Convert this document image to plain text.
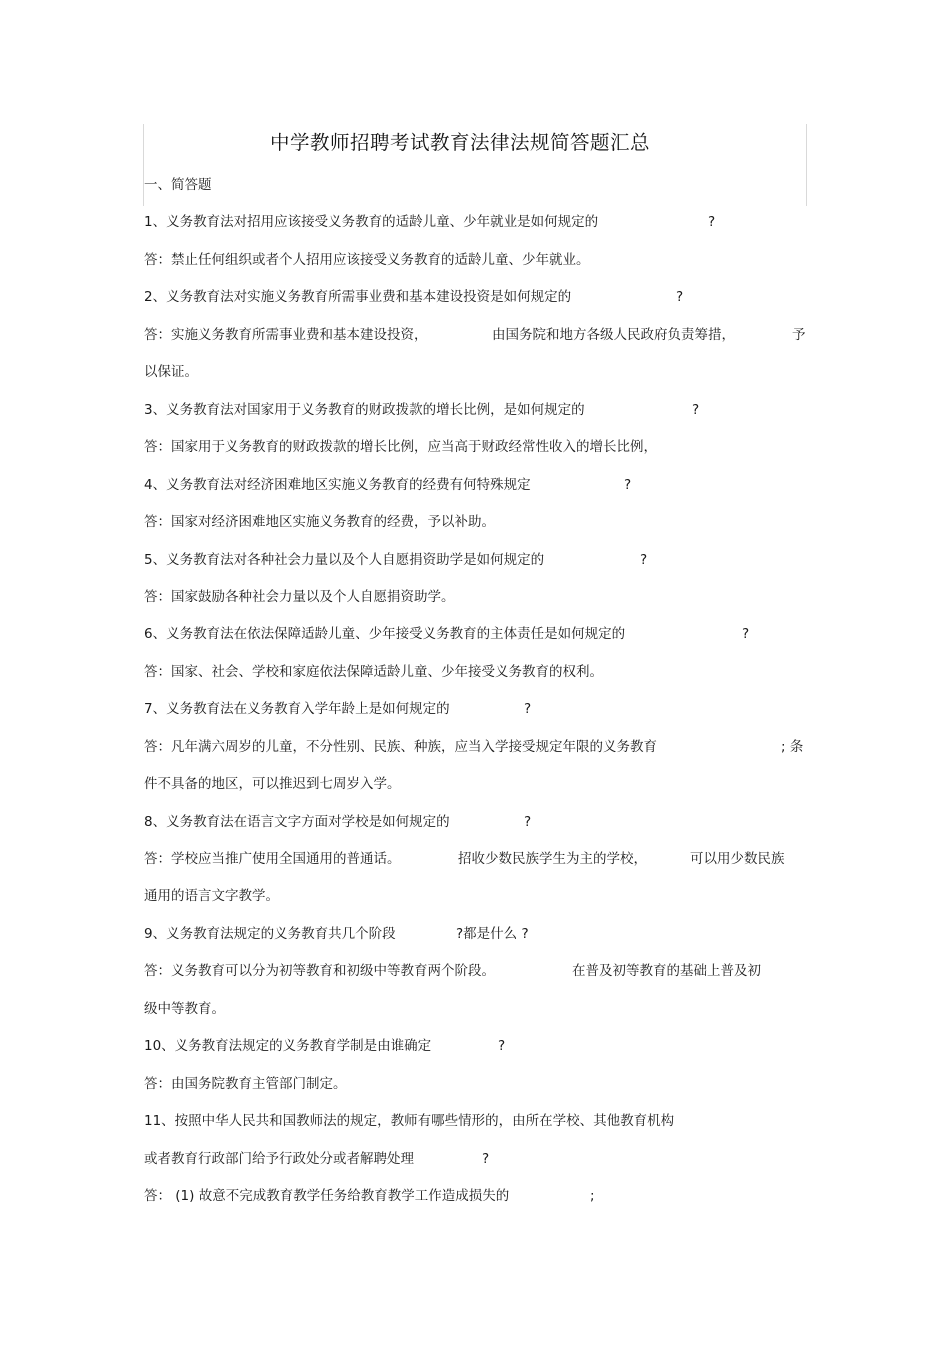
中学教师招聘考试教育法律法规简答题汇总
一、简答题
1、义务教育法对招用应该接受义务教育的适龄儿童、少年就业是如何规定的	?
答：禁止任何组织或者个人招用应该接受义务教育的适龄儿童、少年就业。
2、义务教育法对实施义务教育所需事业费和基本建设投资是如何规定的	?
答：实施义务教育所需事业费和基本建设投资，	由国务院和地方各级人民政府负责筹措，	予
以保证。
3、义务教育法对国家用于义务教育的财政拨款的增长比例，是如何规定的	?
答：国家用于义务教育的财政拨款的增长比例，应当高于财政经常性收入的增长比例，
4、义务教育法对经济困难地区实施义务教育的经费有何特殊规定	?
答：国家对经济困难地区实施义务教育的经费，予以补助。
5、义务教育法对各种社会力量以及个人自愿捐资助学是如何规定的	?
答：国家鼓励各种社会力量以及个人自愿捐资助学。
6、义务教育法在依法保障适龄儿童、少年接受义务教育的主体责任是如何规定的	?
答：国家、社会、学校和家庭依法保障适龄儿童、少年接受义务教育的权利。
7、义务教育法在义务教育入学年龄上是如何规定的	?
答：凡年满六周岁的儿童，不分性别、民族、种族，应当入学接受规定年限的义务教育	; 条
件不具备的地区，可以推迟到七周岁入学。
8、义务教育法在语言文字方面对学校是如何规定的	?
答：学校应当推广使用全国通用的普通话。	招收少数民族学生为主的学校，	可以用少数民族
通用的语言文字教学。
9、义务教育法规定的义务教育共几个阶段	?都是什么 ?
答：义务教育可以分为初等教育和初级中等教育两个阶段。	在普及初等教育的基础上普及初
级中等教育。
10、义务教育法规定的义务教育学制是由谁确定	?
答：由国务院教育主管部门制定。
11、按照中华人民共和国教师法的规定，教师有哪些情形的，由所在学校、其他教育机构
或者教育行政部门给予行政处分或者解聘处理	?
答： (1) 故意不完成教育教学任务给教育教学工作造成损失的	;
